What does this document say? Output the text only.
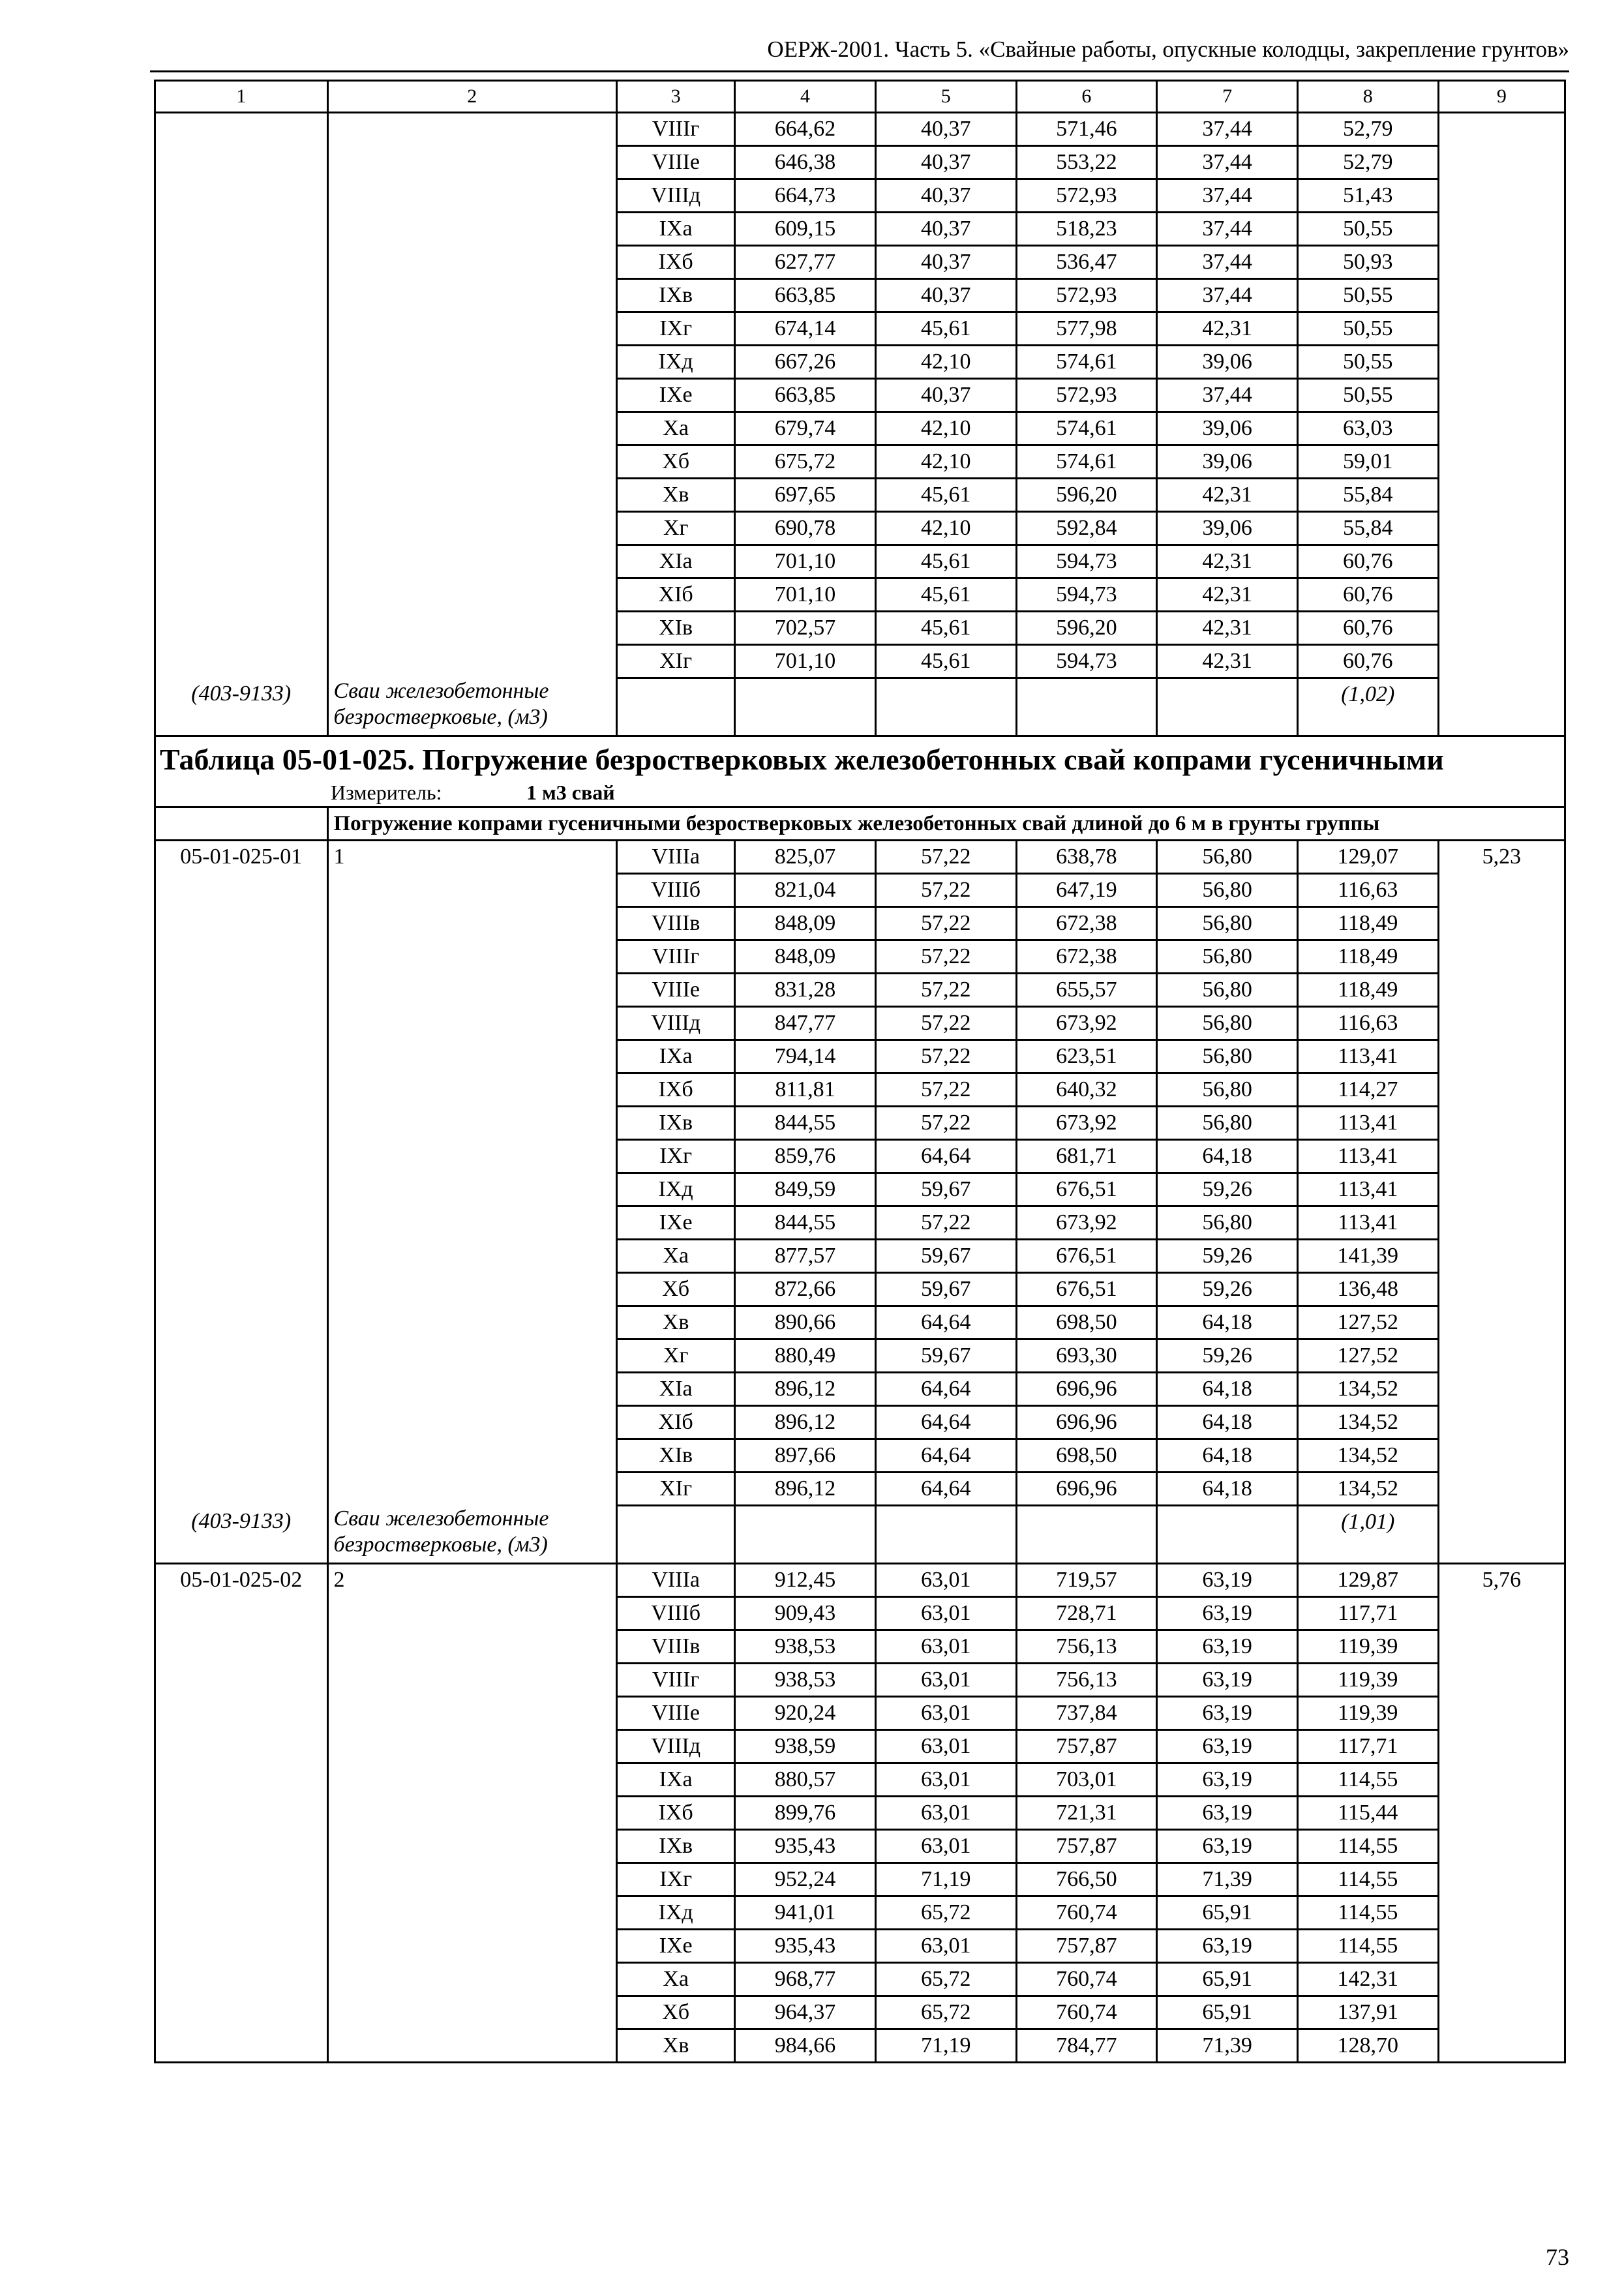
ОЕРЖ-2001. Часть 5. «Свайные работы, опускные колодцы, закрепление грунтов»
1	2	3	4	5	6	7	8	9
		VIIIг	664,62	40,37	571,46	37,44	52,79	
		VIIIе	646,38	40,37	553,22	37,44	52,79	
		VIIIд	664,73	40,37	572,93	37,44	51,43	
		IXа	609,15	40,37	518,23	37,44	50,55	
		IXб	627,77	40,37	536,47	37,44	50,93	
		IXв	663,85	40,37	572,93	37,44	50,55	
		IXг	674,14	45,61	577,98	42,31	50,55	
		IXд	667,26	42,10	574,61	39,06	50,55	
		IXе	663,85	40,37	572,93	37,44	50,55	
		Xа	679,74	42,10	574,61	39,06	63,03	
		Xб	675,72	42,10	574,61	39,06	59,01	
		Xв	697,65	45,61	596,20	42,31	55,84	
		Xг	690,78	42,10	592,84	39,06	55,84	
		XIа	701,10	45,61	594,73	42,31	60,76	
		XIб	701,10	45,61	594,73	42,31	60,76	
		XIв	702,57	45,61	596,20	42,31	60,76	
		XIг	701,10	45,61	594,73	42,31	60,76	
(403-9133)	Сваи железобетонные безростверковые, (м3)						(1,02)	
Таблица 05-01-025. Погружение безростверковых железобетонных свай копрами гусеничными								
Измеритель: 1 м3 свай								
	Погружение копрами гусеничными безростверковых железобетонных свай длиной до 6 м в грунты группы							
05-01-025-01	1	VIIIа	825,07	57,22	638,78	56,80	129,07	5,23
		VIIIб	821,04	57,22	647,19	56,80	116,63	
		VIIIв	848,09	57,22	672,38	56,80	118,49	
		VIIIг	848,09	57,22	672,38	56,80	118,49	
		VIIIе	831,28	57,22	655,57	56,80	118,49	
		VIIIд	847,77	57,22	673,92	56,80	116,63	
		IXа	794,14	57,22	623,51	56,80	113,41	
		IXб	811,81	57,22	640,32	56,80	114,27	
		IXв	844,55	57,22	673,92	56,80	113,41	
		IXг	859,76	64,64	681,71	64,18	113,41	
		IXд	849,59	59,67	676,51	59,26	113,41	
		IXе	844,55	57,22	673,92	56,80	113,41	
		Xа	877,57	59,67	676,51	59,26	141,39	
		Xб	872,66	59,67	676,51	59,26	136,48	
		Xв	890,66	64,64	698,50	64,18	127,52	
		Xг	880,49	59,67	693,30	59,26	127,52	
		XIа	896,12	64,64	696,96	64,18	134,52	
		XIб	896,12	64,64	696,96	64,18	134,52	
		XIв	897,66	64,64	698,50	64,18	134,52	
		XIг	896,12	64,64	696,96	64,18	134,52	
(403-9133)	Сваи железобетонные безростверковые, (м3)						(1,01)	
05-01-025-02	2	VIIIа	912,45	63,01	719,57	63,19	129,87	5,76
		VIIIб	909,43	63,01	728,71	63,19	117,71	
		VIIIв	938,53	63,01	756,13	63,19	119,39	
		VIIIг	938,53	63,01	756,13	63,19	119,39	
		VIIIе	920,24	63,01	737,84	63,19	119,39	
		VIIIд	938,59	63,01	757,87	63,19	117,71	
		IXа	880,57	63,01	703,01	63,19	114,55	
		IXб	899,76	63,01	721,31	63,19	115,44	
		IXв	935,43	63,01	757,87	63,19	114,55	
		IXг	952,24	71,19	766,50	71,39	114,55	
		IXд	941,01	65,72	760,74	65,91	114,55	
		IXе	935,43	63,01	757,87	63,19	114,55	
		Xа	968,77	65,72	760,74	65,91	142,31	
		Xб	964,37	65,72	760,74	65,91	137,91	
		Xв	984,66	71,19	784,77	71,39	128,70	
73
